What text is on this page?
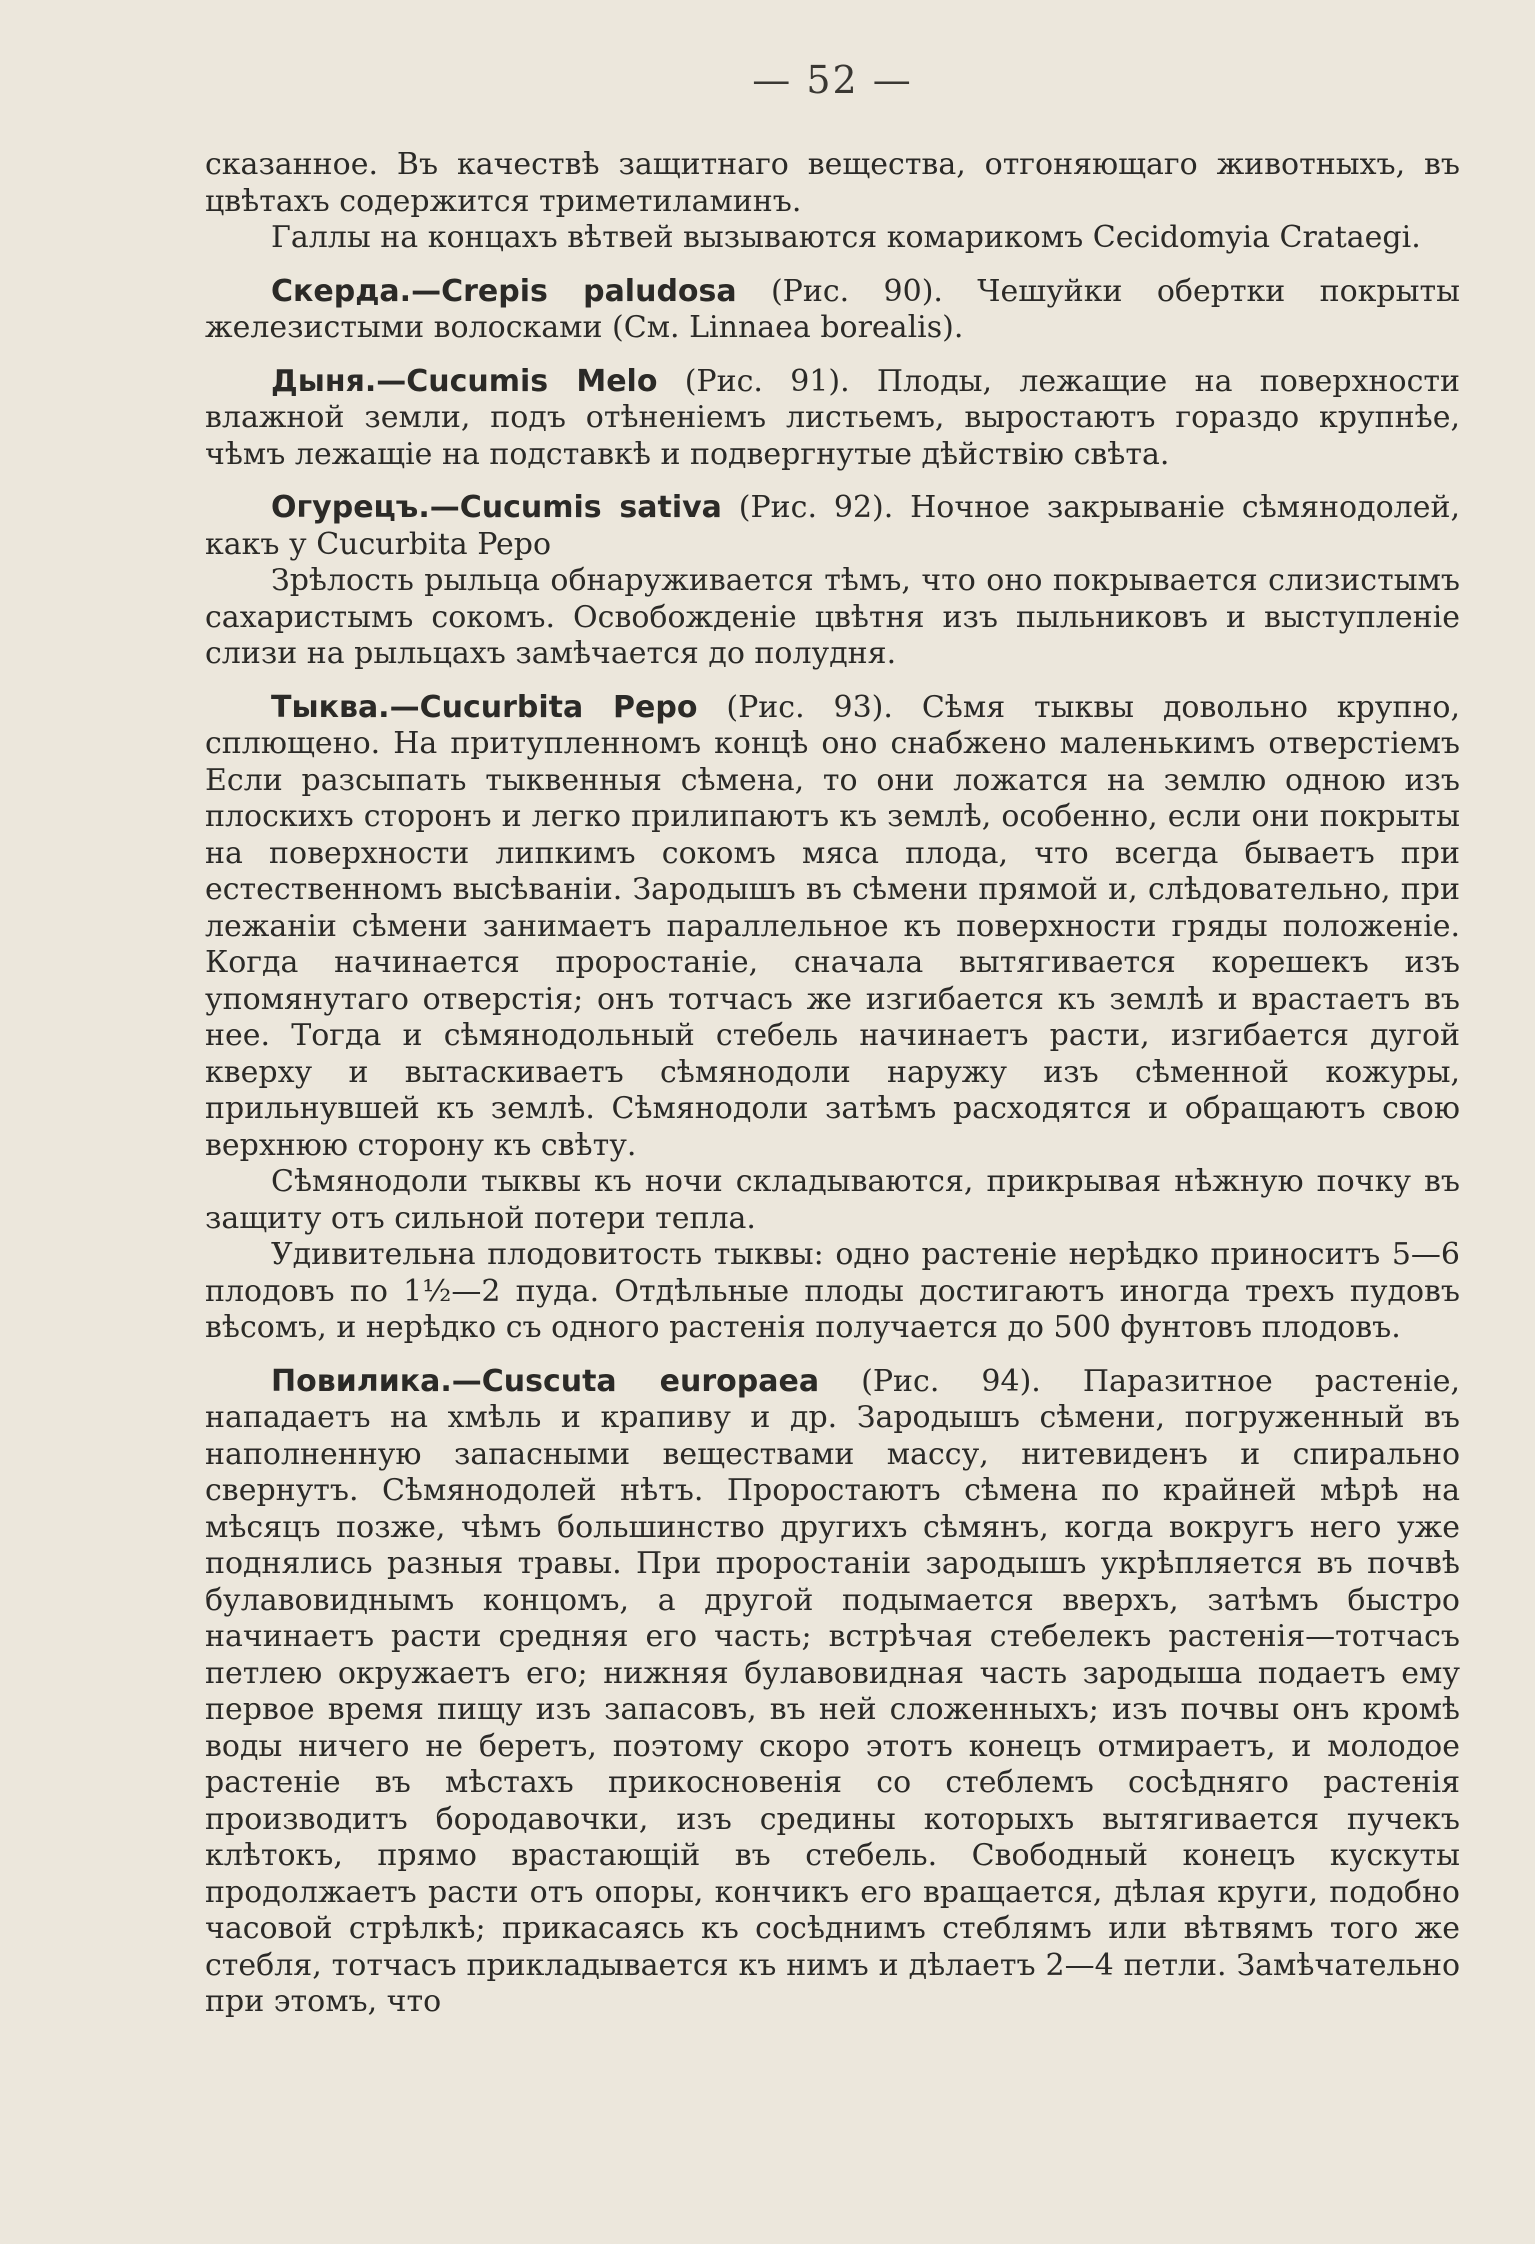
— 52 —

сказанное. Въ качествѣ защитнаго вещества, отгоняющаго животныхъ, въ цвѣтахъ содержится триметиламинъ.

Галлы на концахъ вѣтвей вызываются комарикомъ Cecidomyia Crataegi.

Скерда.—Crepis paludosa (Рис. 90). Чешуйки обертки покрыты железистыми волосками (См. Linnaea borealis).

Дыня.—Cucumis Melo (Рис. 91). Плоды, лежащие на поверхности влажной земли, подъ отѣненіемъ листьемъ, выростаютъ гораздо крупнѣе, чѣмъ лежащіе на подставкѣ и подвергнутые дѣйствію свѣта.

Огурецъ.—Cucumis sativa (Рис. 92). Ночное закрываніе сѣмянодолей, какъ у Cucurbita Pepo

Зрѣлость рыльца обнаруживается тѣмъ, что оно покрывается слизистымъ сахаристымъ сокомъ. Освобожденіе цвѣтня изъ пыльниковъ и выступленіе слизи на рыльцахъ замѣчается до полудня.

Тыква.—Cucurbita Pepo (Рис. 93). Сѣмя тыквы довольно крупно, сплющено. На притупленномъ концѣ оно снабжено маленькимъ отверстіемъ Если разсыпать тыквенныя сѣмена, то они ложатся на землю одною изъ плоскихъ сторонъ и легко прилипаютъ къ землѣ, особенно, если они покрыты на поверхности липкимъ сокомъ мяса плода, что всегда бываетъ при естественномъ высѣваніи. Зародышъ въ сѣмени прямой и, слѣдовательно, при лежаніи сѣмени занимаетъ параллельное къ поверхности гряды положеніе. Когда начинается проростаніе, сначала вытягивается корешекъ изъ упомянутаго отверстія; онъ тотчасъ же изгибается къ землѣ и врастаетъ въ нее. Тогда и сѣмянодольный стебель начинаетъ расти, изгибается дугой кверху и вытаскиваетъ сѣмянодоли наружу изъ сѣменной кожуры, прильнувшей къ землѣ. Сѣмянодоли затѣмъ расходятся и обращаютъ свою верхнюю сторону къ свѣту.

Сѣмянодоли тыквы къ ночи складываются, прикрывая нѣжную почку въ защиту отъ сильной потери тепла.

Удивительна плодовитость тыквы: одно растеніе нерѣдко приноситъ 5—6 плодовъ по 1½—2 пуда. Отдѣльные плоды достигаютъ иногда трехъ пудовъ вѣсомъ, и нерѣдко съ одного растенія получается до 500 фунтовъ плодовъ.

Повилика.—Cuscuta europaea (Рис. 94). Паразитное растеніе, нападаетъ на хмѣль и крапиву и др. Зародышъ сѣмени, погруженный въ наполненную запасными веществами массу, нитевиденъ и спирально свернутъ. Сѣмянодолей нѣтъ. Проростаютъ сѣмена по крайней мѣрѣ на мѣсяцъ позже, чѣмъ большинство другихъ сѣмянъ, когда вокругъ него уже поднялись разныя травы. При проростаніи зародышъ укрѣпляется въ почвѣ булавовиднымъ концомъ, а другой подымается вверхъ, затѣмъ быстро начинаетъ расти средняя его часть; встрѣчая стебелекъ растенія—тотчасъ петлею окружаетъ его; нижняя булавовидная часть зародыша подаетъ ему первое время пищу изъ запасовъ, въ ней сложенныхъ; изъ почвы онъ кромѣ воды ничего не беретъ, поэтому скоро этотъ конецъ отмираетъ, и молодое растеніе въ мѣстахъ прикосновенія со стеблемъ сосѣдняго растенія производитъ бородавочки, изъ средины которыхъ вытягивается пучекъ клѣтокъ, прямо врастающій въ стебель. Свободный конецъ кускуты продолжаетъ расти отъ опоры, кончикъ его вращается, дѣлая круги, подобно часовой стрѣлкѣ; прикасаясь къ сосѣднимъ стеблямъ или вѣтвямъ того же стебля, тотчасъ прикладывается къ нимъ и дѣлаетъ 2—4 петли. Замѣчательно при этомъ, что
